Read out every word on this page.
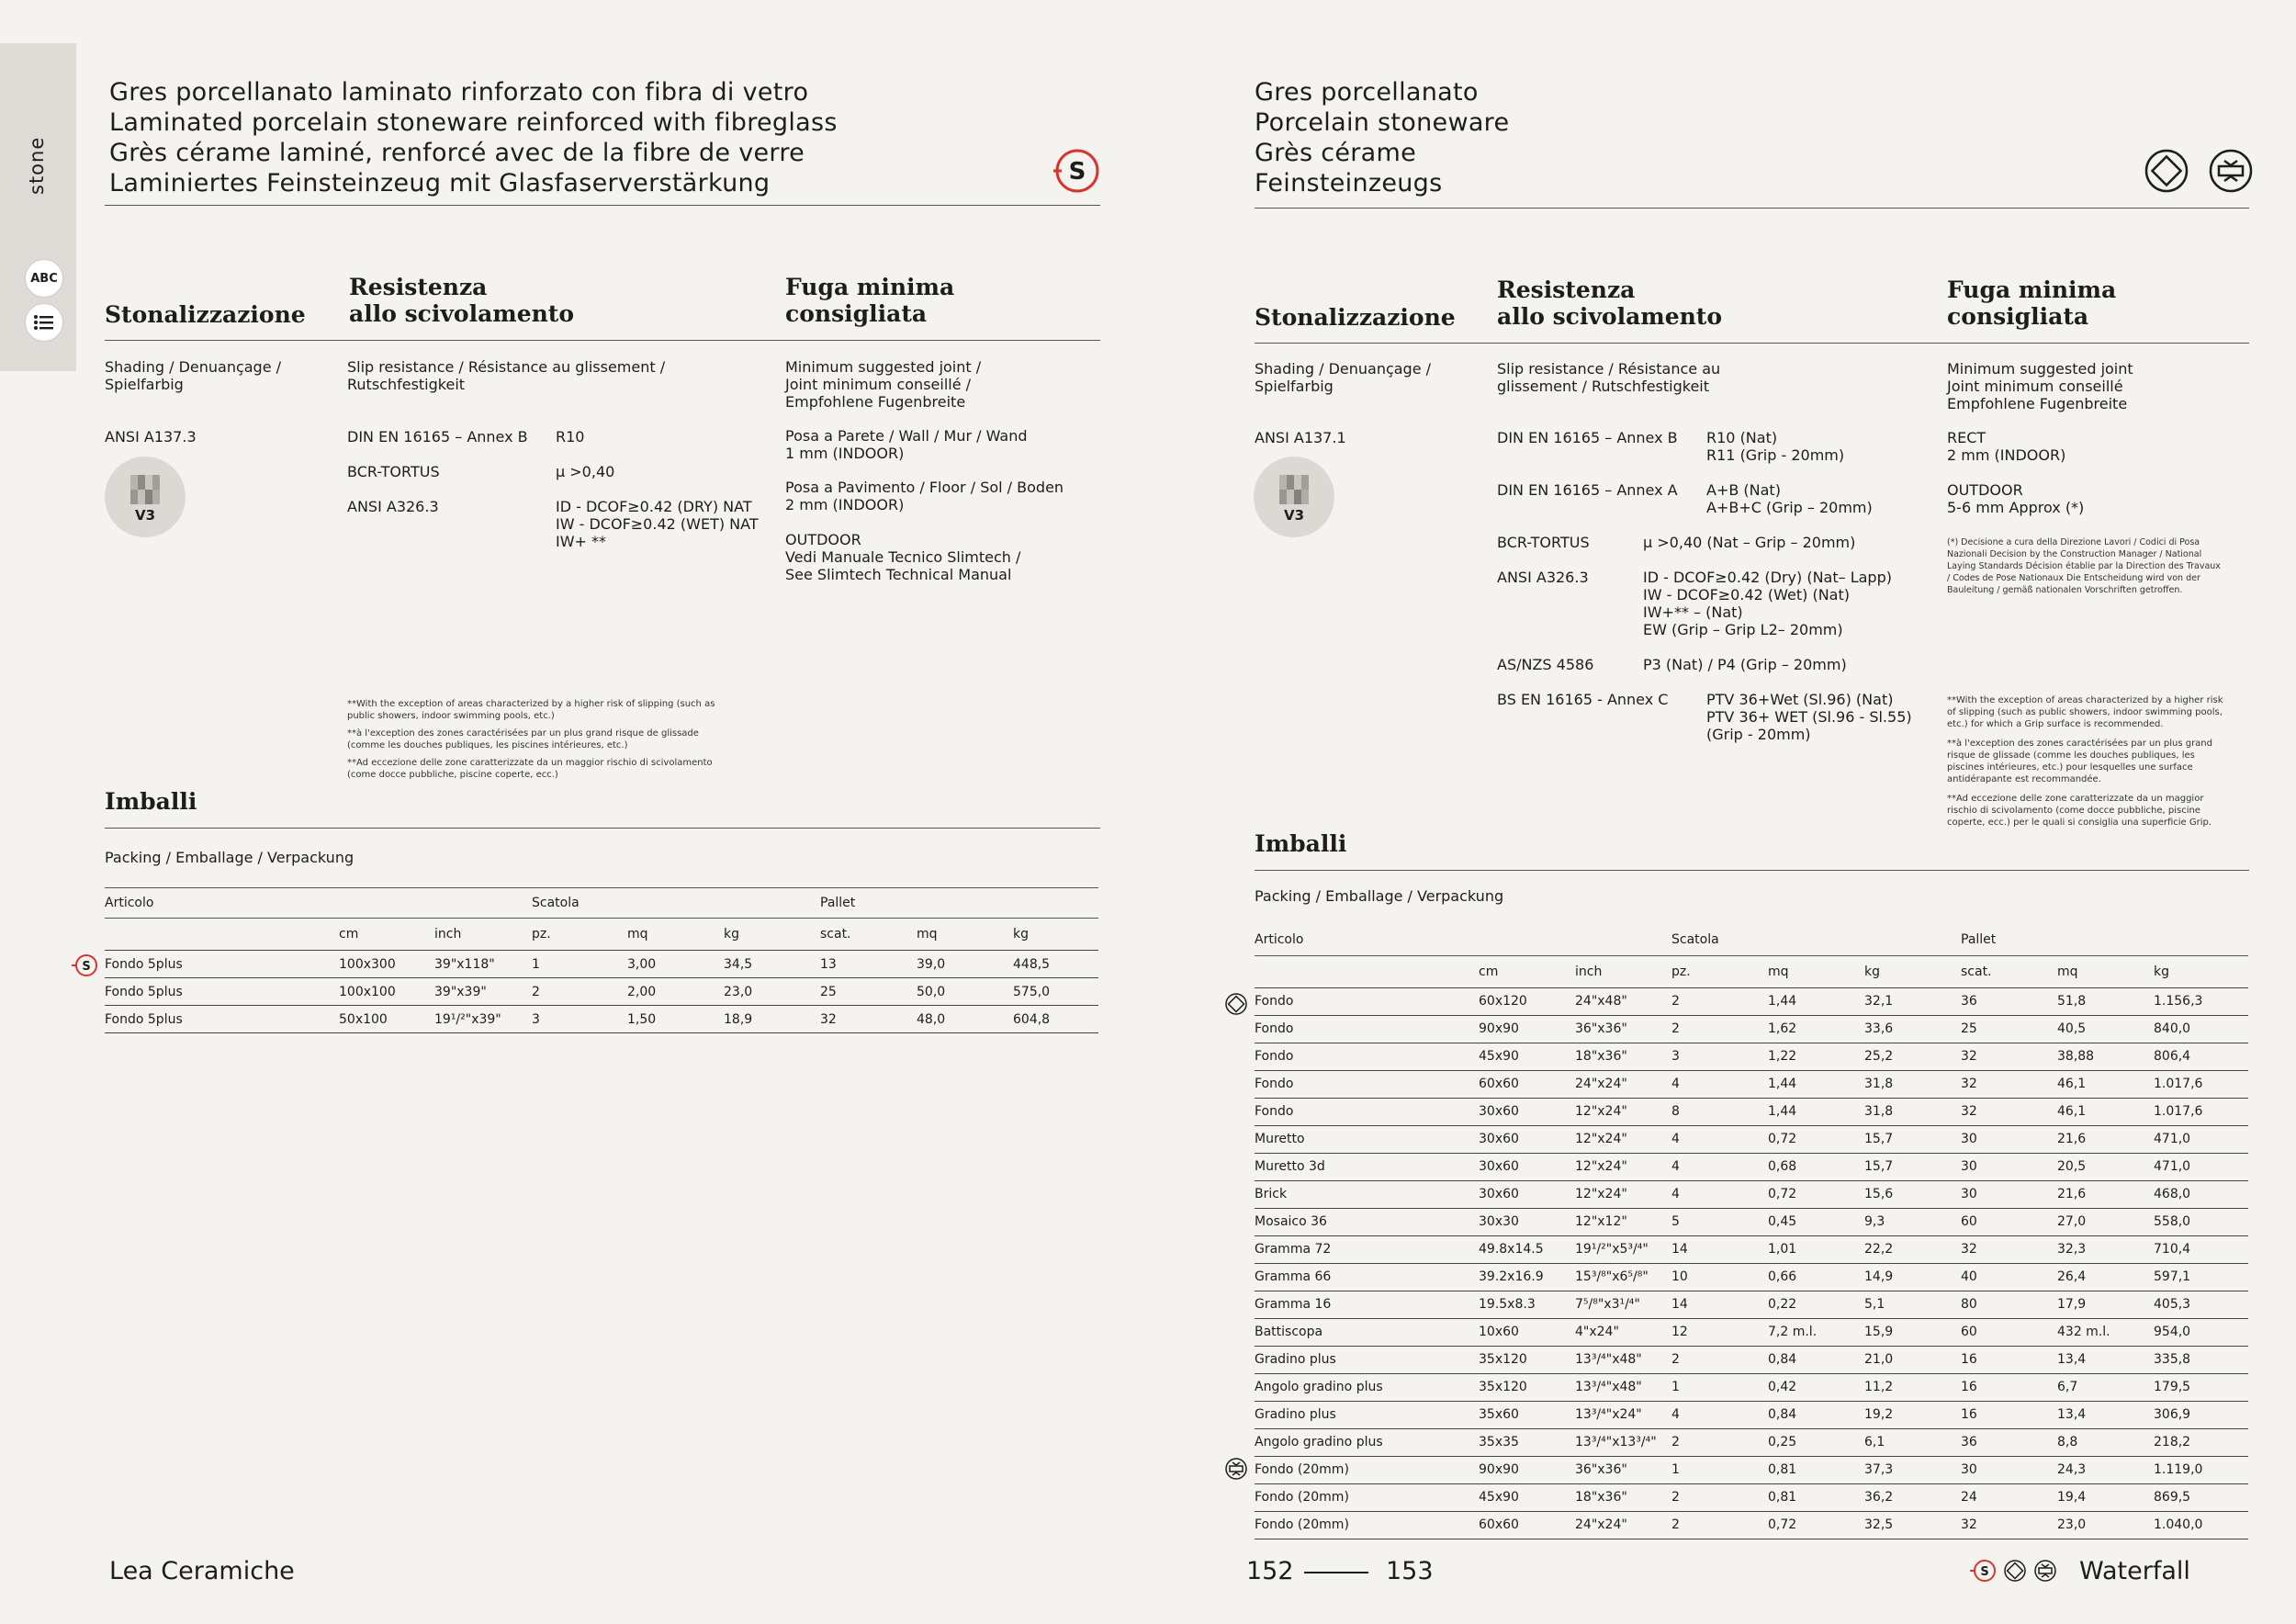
stone
ABC
Gres porcellanato laminato rinforzato con fibra di vetro
Laminated porcelain stoneware reinforced with fibreglass
Grès cérame laminé, renforcé avec de la fibre de verre
Laminiertes Feinsteinzeug mit Glasfaserverstärkung	S
Stonalizzazione
Resistenza
allo scivolamento
Fuga minima
consigliata
Shading / Denuançage / Spielfarbig
Slip resistance / Résistance au glissement / Rutschfestigkeit
Minimum suggested joint /
Joint minimum conseillé /
Empfohlene Fugenbreite
ANSI A137.3
V3
DIN EN 16165 – Annex B R10
BCR-TORTUS	μ >0,40
ANSI A326.3	ID - DCOF≥0.42 (DRY) NAT
IW - DCOF≥0.42 (WET) NAT
IW+ **
Posa a Parete / Wall / Mur / Wand
1 mm (INDOOR)
Posa a Pavimento / Floor / Sol / Boden
2 mm (INDOOR)
OUTDOOR
Vedi Manuale Tecnico Slimtech /
See Slimtech Technical Manual
**With the exception of areas characterized by a higher risk of slipping (such as public showers, indoor swimming pools, etc.)
**à l'exception des zones caractérisées par un plus grand risque de glissade (comme les douches publiques, les piscines intérieures, etc.)
**Ad eccezione delle zone caratterizzate da un maggior rischio di scivolamento (come docce pubbliche, piscine coperte, ecc.)
Imballi
Packing / Emballage / Verpackung
Articolo			Scatola			Pallet		
	cm	inch	pz.	mq	kg	scat.	mq	kg
Fondo 5plus	100x300	39"x118"	1	3,00	34,5	13	39,0	448,5
Fondo 5plus	100x100	39"x39"	2	2,00	23,0	25	50,0	575,0
Fondo 5plus	50x100	19¹/²"x39"	3	1,50	18,9	32	48,0	604,8
S
Gres porcellanato
Porcelain stoneware
Grès cérame
Feinsteinzeugs
Stonalizzazione
Resistenza
allo scivolamento
Fuga minima
consigliata
Shading / Denuançage / Spielfarbig
Slip resistance / Résistance au glissement / Rutschfestigkeit
Minimum suggested joint
Joint minimum conseillé
Empfohlene Fugenbreite
ANSI A137.1
V3
DIN EN 16165 – Annex B R10 (Nat)
R11 (Grip - 20mm)
DIN EN 16165 – Annex A A+B (Nat)
A+B+C (Grip – 20mm)
BCR-TORTUS	μ >0,40 (Nat – Grip – 20mm)
ANSI A326.3	ID - DCOF≥0.42 (Dry) (Nat– Lapp)
IW - DCOF≥0.42 (Wet) (Nat)
IW+** – (Nat)
EW (Grip – Grip L2– 20mm)
AS/NZS 4586	P3 (Nat) / P4 (Grip – 20mm)
BS EN 16165 - Annex C	PTV 36+Wet (Sl.96) (Nat)
PTV 36+ WET (Sl.96 - Sl.55)
(Grip - 20mm)
RECT
2 mm (INDOOR)
OUTDOOR
5-6 mm Approx (*)
(*) Decisione a cura della Direzione Lavori / Codici di Posa Nazionali Decision by the Construction Manager / National Laying Standards Décision établie par la Direction des Travaux / Codes de Pose Nationaux Die Entscheidung wird von der Bauleitung / gemäß nationalen Vorschriften getroffen.
**With the exception of areas characterized by a higher risk of slipping (such as public showers, indoor swimming pools, etc.) for which a Grip surface is recommended.
**à l'exception des zones caractérisées par un plus grand risque de glissade (comme les douches publiques, les piscines intérieures, etc.) pour lesquelles une surface antidérapante est recommandée.
**Ad eccezione delle zone caratterizzate da un maggior rischio di scivolamento (come docce pubbliche, piscine coperte, ecc.) per le quali si consiglia una superficie Grip.
Imballi
Packing / Emballage / Verpackung
Articolo			Scatola			Pallet		
	cm	inch	pz.	mq	kg	scat.	mq	kg
Fondo	60x120	24"x48"	2	1,44	32,1	36	51,8	1.156,3
Fondo	90x90	36"x36"	2	1,62	33,6	25	40,5	840,0
Fondo	45x90	18"x36"	3	1,22	25,2	32	38,88	806,4
Fondo	60x60	24"x24"	4	1,44	31,8	32	46,1	1.017,6
Fondo	30x60	12"x24"	8	1,44	31,8	32	46,1	1.017,6
Muretto	30x60	12"x24"	4	0,72	15,7	30	21,6	471,0
Muretto 3d	30x60	12"x24"	4	0,68	15,7	30	20,5	471,0
Brick	30x60	12"x24"	4	0,72	15,6	30	21,6	468,0
Mosaico 36	30x30	12"x12"	5	0,45	9,3	60	27,0	558,0
Gramma 72	49.8x14.5	19¹/²"x5³/⁴"	14	1,01	22,2	32	32,3	710,4
Gramma 66	39.2x16.9	15³/⁸"x6⁵/⁸"	10	0,66	14,9	40	26,4	597,1
Gramma 16	19.5x8.3	7⁵/⁸"x3¹/⁴"	14	0,22	5,1	80	17,9	405,3
Battiscopa	10x60	4"x24"	12	7,2 m.l.	15,9	60	432 m.l.	954,0
Gradino plus	35x120	13³/⁴"x48"	2	0,84	21,0	16	13,4	335,8
Angolo gradino plus	35x120	13³/⁴"x48"	1	0,42	11,2	16	6,7	179,5
Gradino plus	35x60	13³/⁴"x24"	4	0,84	19,2	16	13,4	306,9
Angolo gradino plus	35x35	13³/⁴"x13³/⁴"	2	0,25	6,1	36	8,8	218,2
Fondo (20mm)	90x90	36"x36"	1	0,81	37,3	30	24,3	1.119,0
Fondo (20mm)	45x90	18"x36"	2	0,81	36,2	24	19,4	869,5
Fondo (20mm)	60x60	24"x24"	2	0,72	32,5	32	23,0	1.040,0
Lea Ceramiche	152	153	S	Waterfall
